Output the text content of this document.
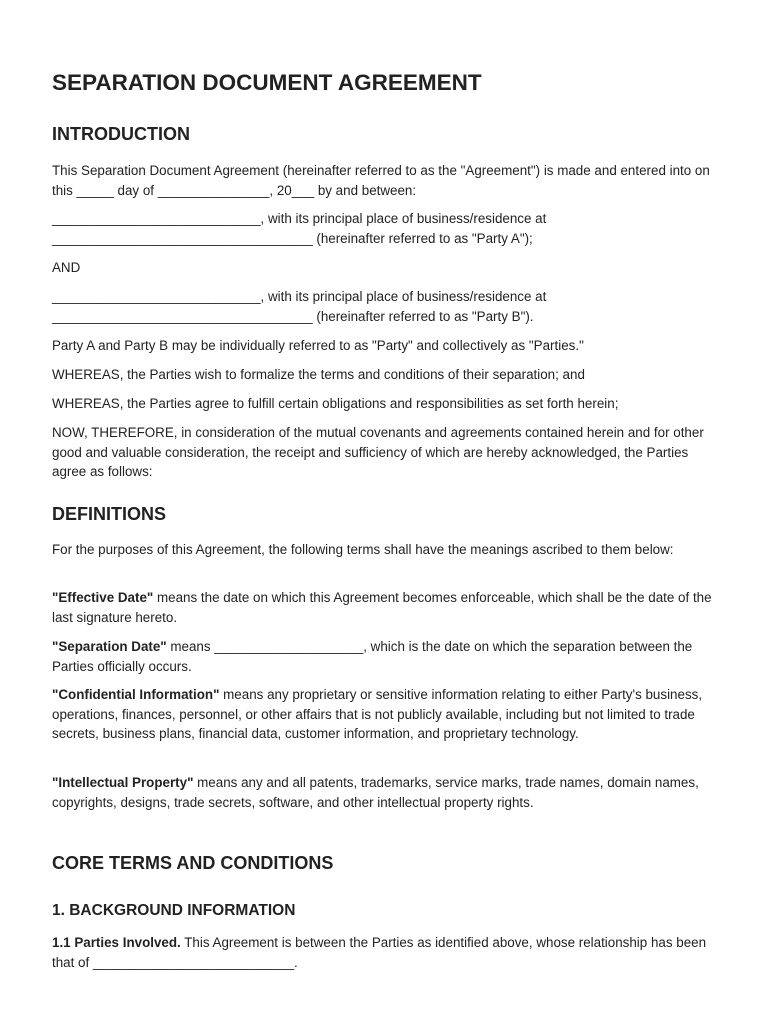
SEPARATION DOCUMENT AGREEMENT
INTRODUCTION

This Separation Document Agreement (hereinafter referred to as the "Agreement") is made and entered into on this _____ day of _______________, 20___ by and between:

____________________________, with its principal place of business/residence at

___________________________________ (hereinafter referred to as "Party A");

AND

____________________________, with its principal place of business/residence at

___________________________________ (hereinafter referred to as "Party B").

Party A and Party B may be individually referred to as "Party" and collectively as "Parties."

WHEREAS, the Parties wish to formalize the terms and conditions of their separation; and

WHEREAS, the Parties agree to fulfill certain obligations and responsibilities as set forth herein;

NOW, THEREFORE, in consideration of the mutual covenants and agreements contained herein and for other good and valuable consideration, the receipt and sufficiency of which are hereby acknowledged, the Parties agree as follows:

DEFINITIONS

For the purposes of this Agreement, the following terms shall have the meanings ascribed to them below:

"Effective Date" means the date on which this Agreement becomes enforceable, which shall be the date of the last signature hereto.

"Separation Date" means ____________________, which is the date on which the separation between the Parties officially occurs.

"Confidential Information" means any proprietary or sensitive information relating to either Party's business, operations, finances, personnel, or other affairs that is not publicly available, including but not limited to trade secrets, business plans, financial data, customer information, and proprietary technology.

"Intellectual Property" means any and all patents, trademarks, service marks, trade names, domain names, copyrights, designs, trade secrets, software, and other intellectual property rights.

CORE TERMS AND CONDITIONS
1. BACKGROUND INFORMATION

1.1 Parties Involved. This Agreement is between the Parties as identified above, whose relationship has been that of ___________________________.
